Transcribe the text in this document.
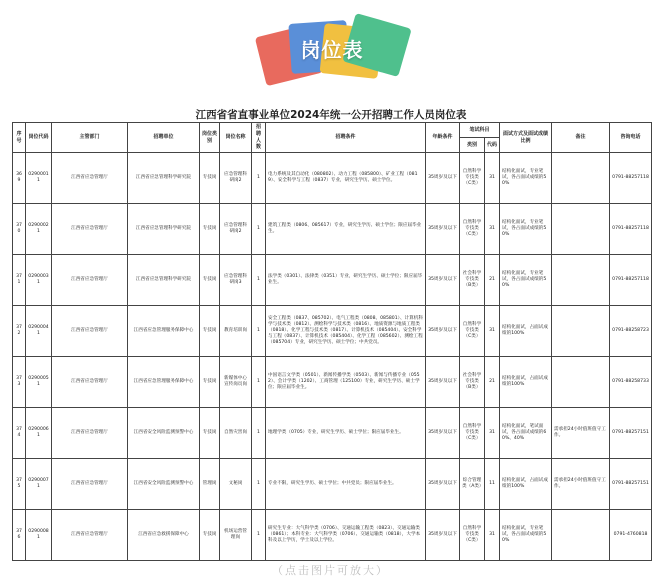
岗位表
江西省省直事业单位2024年统一公开招聘工作人员岗位表
序号	岗位代码	主管部门	招聘单位	岗位类别	岗位名称	招聘人数	招聘条件	年龄条件	笔试科目		面试方式及面试成绩比例	备注	咨询电话
									类别	代码			
369	02900011	江西省应急管理厅	江西省应急管理科学研究院	专技岗	应急管理科研岗2	1	电力系统及其自动化（080802）、动力工程（085800）、矿业工程（0819）、安全科学与工程（0837）专业，研究生学历、硕士学位。	35周岁及以下	自然科学专技类（C类）	31	结构化面试，专业笔试，各占面试成绩的50%		0791-88257118
370	02900021	江西省应急管理厅	江西省应急管理科学研究院	专技岗	应急管理科研岗2	1	建筑工程类（0806、085617）专业，研究生学历、硕士学位；限应届毕业生。	35周岁及以下	自然科学专技类（C类）	31	结构化面试，专业笔试，各占面试成绩的50%		0791-88257118
371	02900031	江西省应急管理厅	江西省应急管理科学研究院	专技岗	应急管理科研岗3	1	法学类（0301）、法律类（0351）专业，研究生学历、硕士学位；限应届毕业生。	35周岁及以下	社会科学专技类（B类）	21	结构化面试，专业笔试，各占面试成绩的50%		0791-88257118
372	02900041	江西省应急管理厅	江西省应急管理服务保障中心	专技岗	教育培训岗	1	安全工程类（0837、085702）、电气工程类（0808、085801）、计算机科学与技术类（0812）、测绘科学与技术类（0816）、地质资源与地质工程类（0818）、化学工程与技术类（0817）、计算机技术（085404）、安全科学与工程（0837）、计算机技术（085404）、化学工程（085602）、测绘工程（085704）专业，研究生学历、硕士学位；中共党员。	35周岁及以下	自然科学专技类（C类）	31	结构化面试，占面试成绩的100%		0791-88258723
373	02900051	江西省应急管理厅	江西省应急管理服务保障中心	专技岗	新媒体中心宣传岗员岗	1	中国语言文学类（0501）、新闻传播学类（0503）、新闻与传播专业（0552）、会计学类（1202）、工商管理（125100）专业，研究生学历、硕士学位；限应届毕业生。	35周岁及以下	社会科学专技类（B类）	21	结构化面试，占面试成绩的100%		0791-88258733
374	02900061	江西省应急管理厅	江西省安全风险监测预警中心	专技岗	自然灾害岗	1	地理学类（0705）专业，研究生学历、硕士学位；限应届毕业生。	35周岁及以下	自然科学专技类（C类）	31	结构化面试，笔试面试，各占面试成绩的60%、40%	需承担24小时值班值守工作。	0791-88257151
375	02900071	江西省应急管理厅	江西省安全风险监测预警中心	管理岗	文秘岗	1	专业不限，研究生学历、硕士学位；中共党员；限应届毕业生。	35周岁及以下	综合管理类（A类）	11	结构化面试，占面试成绩的100%	需承担24小时值班值守工作。	0791-88257151
376	02900081	江西省应急管理厅	江西省应急救援保障中心	专技岗	机场运营管理岗	1	研究生专业：大气科学类（0706）、交通运输工程类（0823）、交通运输类（0861）；本科专业：大气科学类（0706）、交通运输类（0818），大学本科及以上学历，学士及以上学位。	35周岁及以下	自然科学专技类（C类）	31	结构化面试，专业笔试，各占面试成绩的50%		0791-4760818
（点击图片可放大）
